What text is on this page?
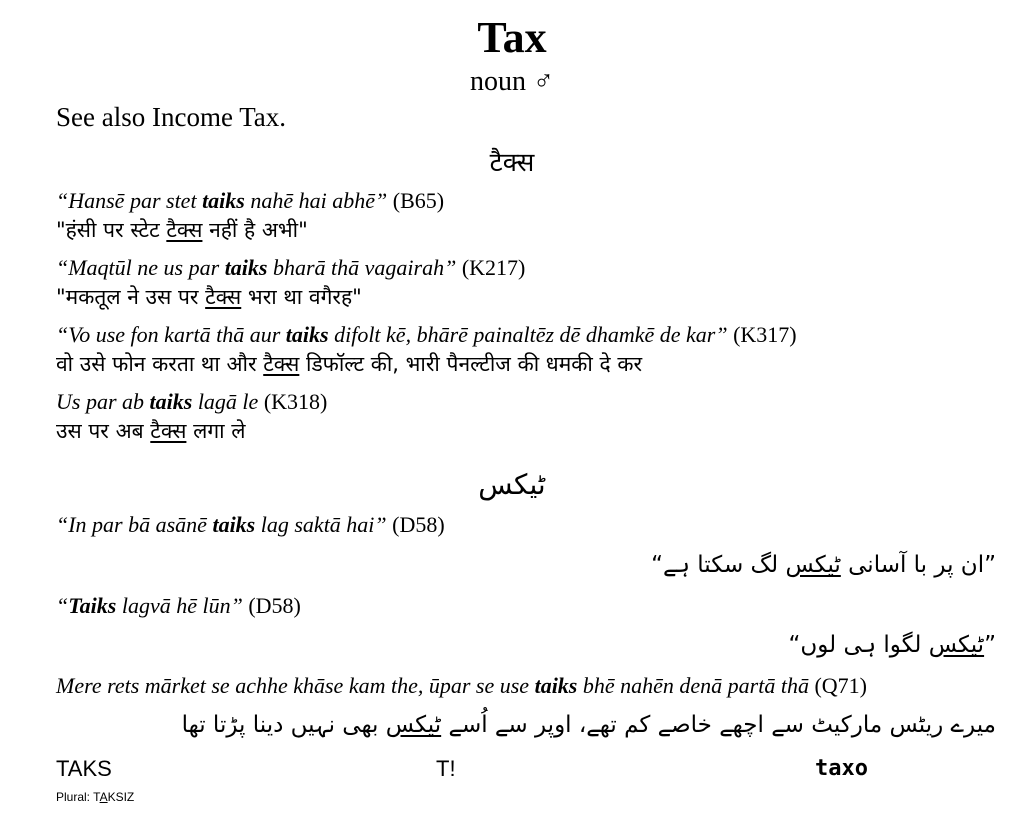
Tax
noun ♂
See also Income Tax.
टैक्स
“Hansē par stet taiks nahē hai abhē” (B65)
"हंसी पर स्टेट टैक्स नहीं है अभी"
“Maqtūl ne us par taiks bharā thā vagairah” (K217)
"मकतूल ने उस पर टैक्स भरा था वगैरह"
“Vo use fon kartā thā aur taiks difolt kē, bhārē painaltēz dē dhamkē de kar” (K317)
वो उसे फोन करता था और टैक्स डिफॉल्ट की, भारी पैनल्टीज की धमकी दे कर
Us par ab taiks lagā le (K318)
उस पर अब टैक्स लगा ले
ٹیکس
“In par bā asānē taiks lag saktā hai” (D58)
”ان پر با آسانی ٹیکس لگ سکتا ہے“
“Taiks lagvā hē lūn” (D58)
”ٹیکس لگوا ہی لوں“
Mere rets mārket se achhe khāse kam the, ūpar se use taiks bhē nahēn denā partā thā (Q71)
میرے ریٹس مارکیٹ سے اچھے خاصے کم تھے، اوپر سے اُسے ٹیکس بھی نہیں دینا پڑتا تھا
TAKS	T!	taxo
Plural: TAKSIZ
